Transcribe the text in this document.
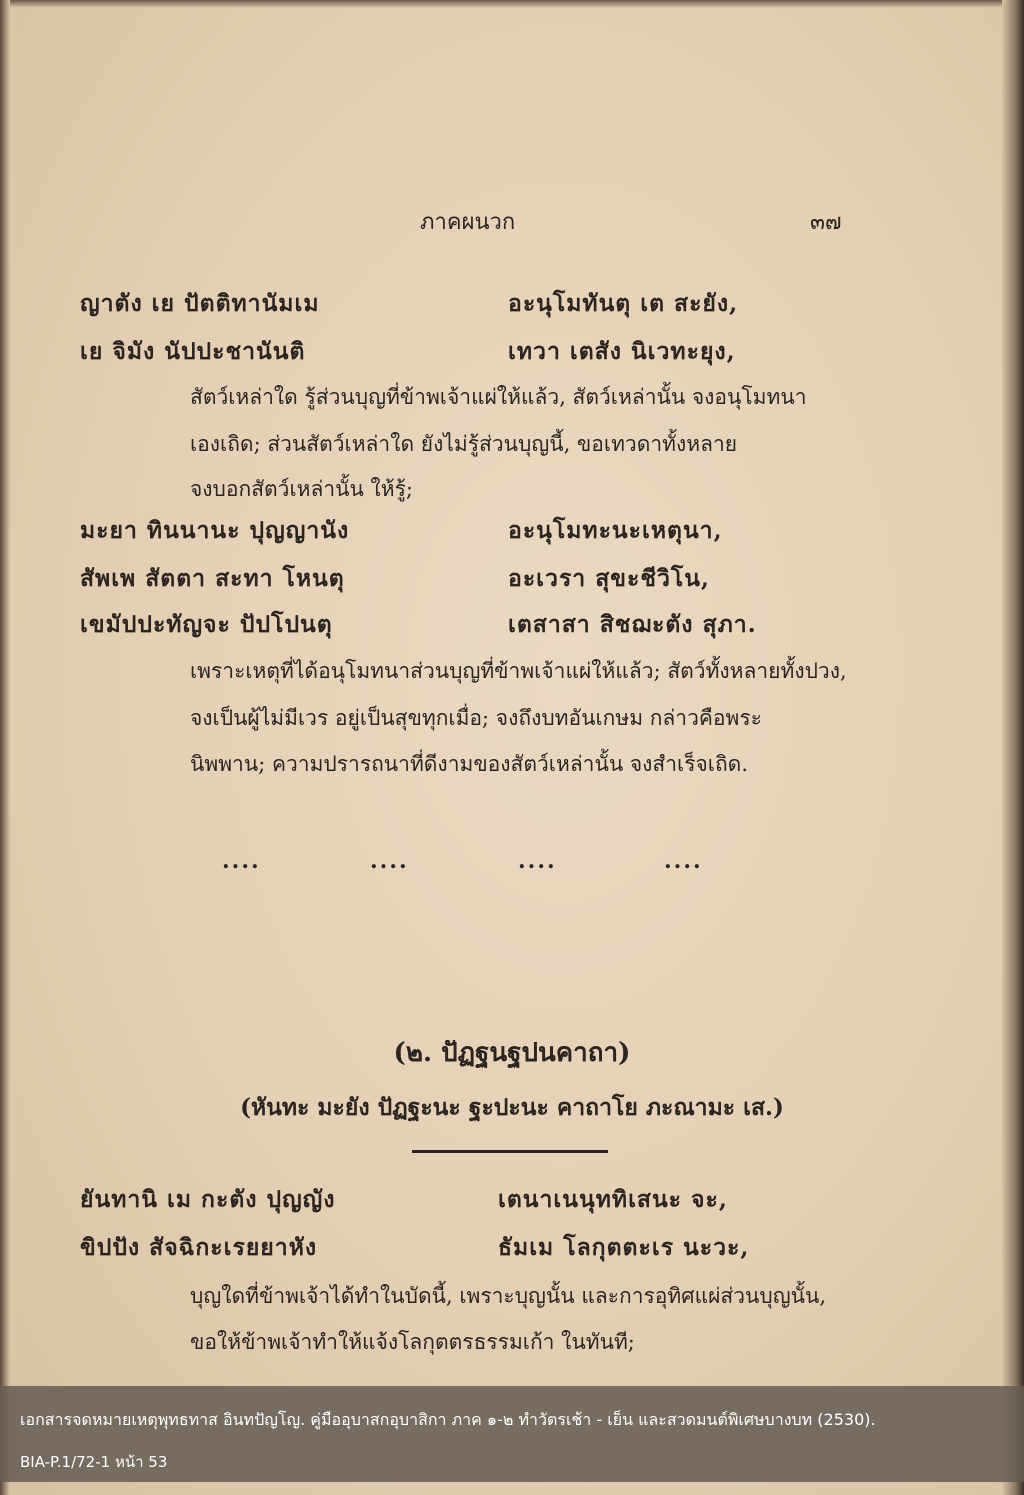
ภาคผนวก	๓๗
ญาตัง เย ปัตติทานัมเม	อะนุโมทันตุ เต สะยัง,
เย จิมัง นัปปะชานันติ	เทวา เตสัง นิเวทะยุง,
สัตว์เหล่าใด รู้ส่วนบุญที่ข้าพเจ้าแผ่ให้แล้ว, สัตว์เหล่านั้น จงอนุโมทนา
เองเถิด; ส่วนสัตว์เหล่าใด ยังไม่รู้ส่วนบุญนี้, ขอเทวดาทั้งหลาย
จงบอกสัตว์เหล่านั้น ให้รู้;
มะยา ทินนานะ ปุญญานัง	อะนุโมทะนะเหตุนา,
สัพเพ สัตตา สะทา โหนตุ	อะเวรา สุขะชีวิโน,
เขมัปปะทัญจะ ปัปโปนตุ	เตสาสา สิชฌะตัง สุภา.
เพราะเหตุที่ได้อนุโมทนาส่วนบุญที่ข้าพเจ้าแผ่ให้แล้ว; สัตว์ทั้งหลายทั้งปวง,
จงเป็นผู้ไม่มีเวร อยู่เป็นสุขทุกเมื่อ; จงถึงบทอันเกษม กล่าวคือพระ
นิพพาน; ความปรารถนาที่ดีงามของสัตว์เหล่านั้น จงสำเร็จเถิด.
....	....	....	....
(๒. ปัฏฐนฐปนคาถา)
(หันทะ มะยัง ปัฏฐะนะ ฐะปะนะ คาถาโย ภะณามะ เส.)
ยันทานิ เม กะตัง ปุญญัง	เตนาเนนุททิเสนะ จะ,
ขิปปัง สัจฉิกะเรยยาหัง	ธัมเม โลกุตตะเร นะวะ,
บุญใดที่ข้าพเจ้าได้ทำในบัดนี้, เพราะบุญนั้น และการอุทิศแผ่ส่วนบุญนั้น,
ขอให้ข้าพเจ้าทำให้แจ้งโลกุตตรธรรมเก้า ในทันที;
เอกสารจดหมายเหตุพุทธทาส อินทปัญโญ. คู่มืออุบาสกอุบาสิกา ภาค ๑-๒ ทำวัตรเช้า - เย็น และสวดมนต์พิเศษบางบท (2530).
BIA-P.1/72-1 หน้า 53
